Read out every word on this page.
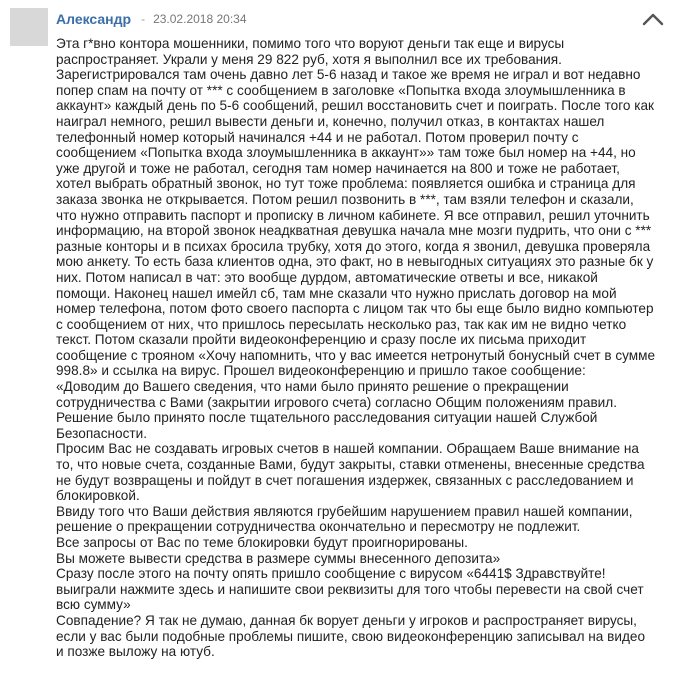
Александр - 23.02.2018 20:34

Эта г*вно контора мошенники, помимо того что воруют деньги так еще и вирусы распространяет. Украли у меня 29 822 руб, хотя я выполнил все их требования.

Зарегистрировался там очень давно лет 5-6 назад и такое же время не играл и вот недавно попер спам на почту от *** с сообщением в заголовке «Попытка входа злоумышленника в аккаунт» каждый день по 5-6 сообщений, решил восстановить счет и поиграть. После того как наиграл немного, решил вывести деньги и, конечно, получил отказ, в контактах нашел телефонный номер который начинался +44 и не работал. Потом проверил почту с сообщением «Попытка входа злоумышленника в аккаунт»» там тоже был номер на +44, но уже другой и тоже не работал, сегодня там номер начинается на 800 и тоже не работает, хотел выбрать обратный звонок, но тут тоже проблема: появляется ошибка и страница для заказа звонка не открывается. Потом решил позвонить в ***, там взяли телефон и сказали, что нужно отправить паспорт и прописку в личном кабинете. Я все отправил, решил уточнить информацию, на второй звонок неадкватная девушка начала мне мозги пудрить, что они с *** разные конторы и в психах бросила трубку, хотя до этого, когда я звонил, девушка проверяла мою анкету. То есть база клиентов одна, это факт, но в невыгодных ситуациях это разные бк у них. Потом написал в чат: это вообще дурдом, автоматические ответы и все, никакой помощи. Наконец нашел имейл сб, там мне сказали что нужно прислать договор на мой номер телефона, потом фото своего паспорта с лицом так что бы еще было видно компьютер с сообщением от них, что пришлось пересылать несколько раз, так как им не видно четко текст. Потом сказали пройти видеоконференцию и сразу после их письма приходит сообщение с трояном «Хочу напомнить, что у вас имеется нетронутый бонусный счет в сумме 998.8» и ссылка на вирус. Прошел видеоконференцию и пришло такое сообщение:

«Доводим до Вашего сведения, что нами было принято решение о прекращении сотрудничества с Вами (закрытии игрового счета) согласно Общим положениям правил.

Решение было принято после тщательного расследования ситуации нашей Службой Безопасности.

Просим Вас не создавать игровых счетов в нашей компании. Обращаем Ваше внимание на то, что новые счета, созданные Вами, будут закрыты, ставки отменены, внесенные средства не будут возвращены и пойдут в счет погашения издержек, связанных с расследованием и блокировкой.

Ввиду того что Ваши действия являются грубейшим нарушением правил нашей компании, решение о прекращении сотрудничества окончательно и пересмотру не подлежит.

Все запросы от Вас по теме блокировки будут проигнорированы.

Вы можете вывести средства в размере суммы внесенного депозита»

Сразу после этого на почту опять пришло сообщение с вирусом «6441$ Здравствуйте! выиграли нажмите здесь и напишите свои реквизиты для того чтобы перевести на свой счет всю сумму»

Совпадение? Я так не думаю, данная бк ворует деньги у игроков и распространяет вирусы, если у вас были подобные проблемы пишите, свою видеоконференцию записывал на видео и позже выложу на ютуб.
